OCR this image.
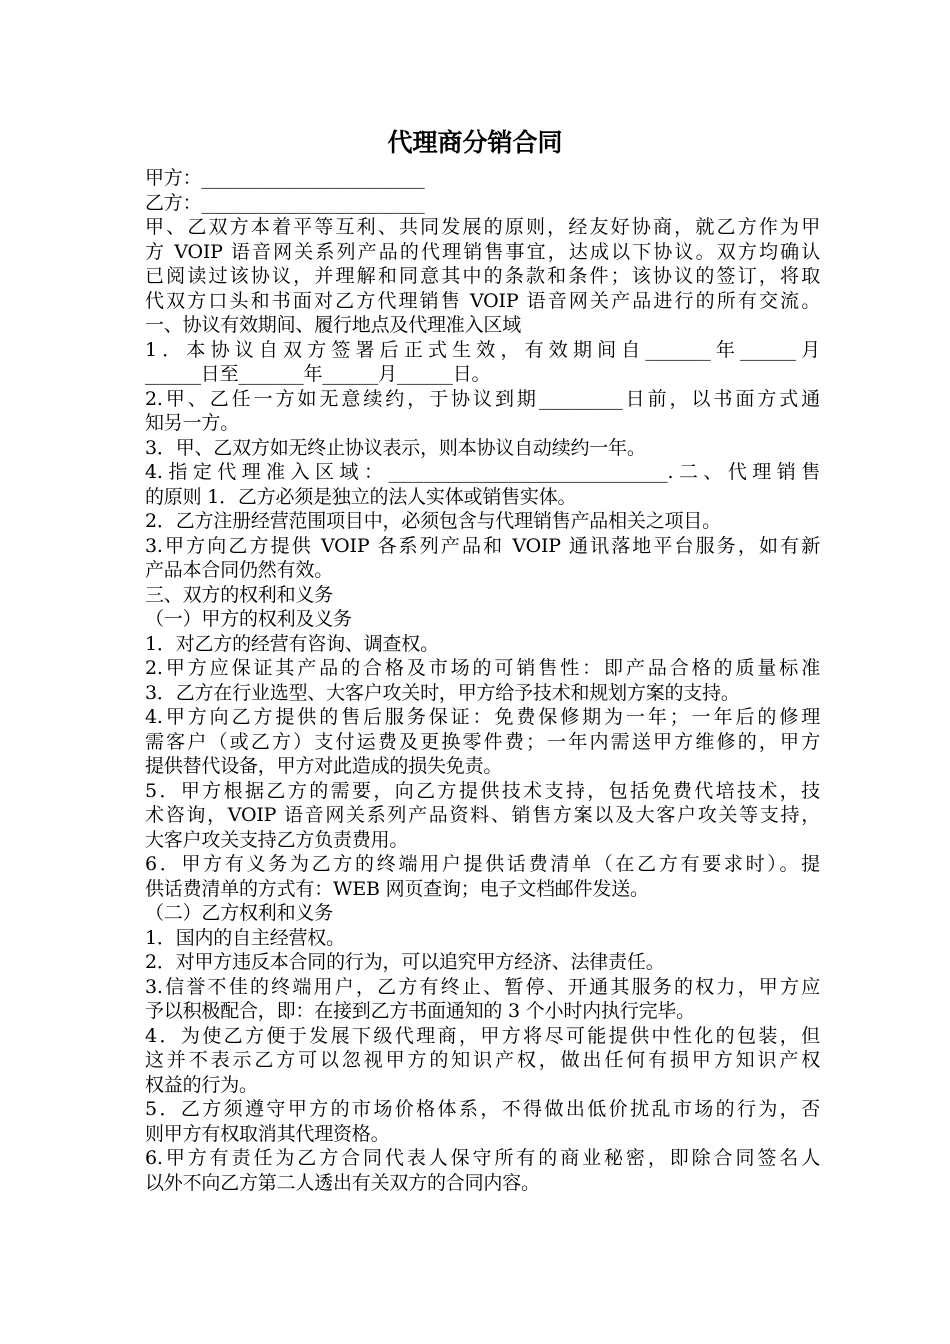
代理商分销合同
甲方：________________________
乙方：________________________
甲、乙双方本着平等互利、共同发展的原则，经友好协商，就乙方作为甲
方 VOIP 语音网关系列产品的代理销售事宜，达成以下协议。双方均确认
已阅读过该协议，并理解和同意其中的条款和条件；该协议的签订，将取
代双方口头和书面对乙方代理销售 VOIP 语音网关产品进行的所有交流。
一、协议有效期间、履行地点及代理准入区域
1．本协议自双方签署后正式生效，有效期间自_______年______月
______日至_______年______月______日。
2.甲、乙任一方如无意续约，于协议到期_________日前，以书面方式通
知另一方。
3．甲、乙双方如无终止协议表示，则本协议自动续约一年。
4.指定代理准入区域：______________________________.二、代理销售
的原则 1．乙方必须是独立的法人实体或销售实体。
2．乙方注册经营范围项目中，必须包含与代理销售产品相关之项目。
3.甲方向乙方提供 VOIP 各系列产品和 VOIP 通讯落地平台服务，如有新
产品本合同仍然有效。
三、双方的权利和义务
（一）甲方的权利及义务
1．对乙方的经营有咨询、调查权。
2.甲方应保证其产品的合格及市场的可销售性：即产品合格的质量标准
3．乙方在行业选型、大客户攻关时，甲方给予技术和规划方案的支持。
4.甲方向乙方提供的售后服务保证：免费保修期为一年；一年后的修理
需客户（或乙方）支付运费及更换零件费；一年内需送甲方维修的，甲方
提供替代设备，甲方对此造成的损失免责。
5．甲方根据乙方的需要，向乙方提供技术支持，包括免费代培技术，技
术咨询，VOIP 语音网关系列产品资料、销售方案以及大客户攻关等支持，
大客户攻关支持乙方负责费用。
6．甲方有义务为乙方的终端用户提供话费清单（在乙方有要求时）。提
供话费清单的方式有：WEB 网页查询；电子文档邮件发送。
（二）乙方权利和义务
1．国内的自主经营权。
2．对甲方违反本合同的行为，可以追究甲方经济、法律责任。
3.信誉不佳的终端用户，乙方有终止、暂停、开通其服务的权力，甲方应
予以积极配合，即：在接到乙方书面通知的 3 个小时内执行完毕。
4．为使乙方便于发展下级代理商，甲方将尽可能提供中性化的包装，但
这并不表示乙方可以忽视甲方的知识产权，做出任何有损甲方知识产权
权益的行为。
5．乙方须遵守甲方的市场价格体系，不得做出低价扰乱市场的行为，否
则甲方有权取消其代理资格。
6.甲方有责任为乙方合同代表人保守所有的商业秘密，即除合同签名人
以外不向乙方第二人透出有关双方的合同内容。
